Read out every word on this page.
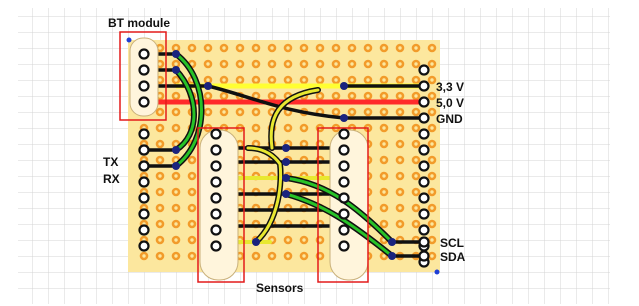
BT module
TX
RX
3,3 V
5,0 V
GND
SCL
SDA
Sensors
